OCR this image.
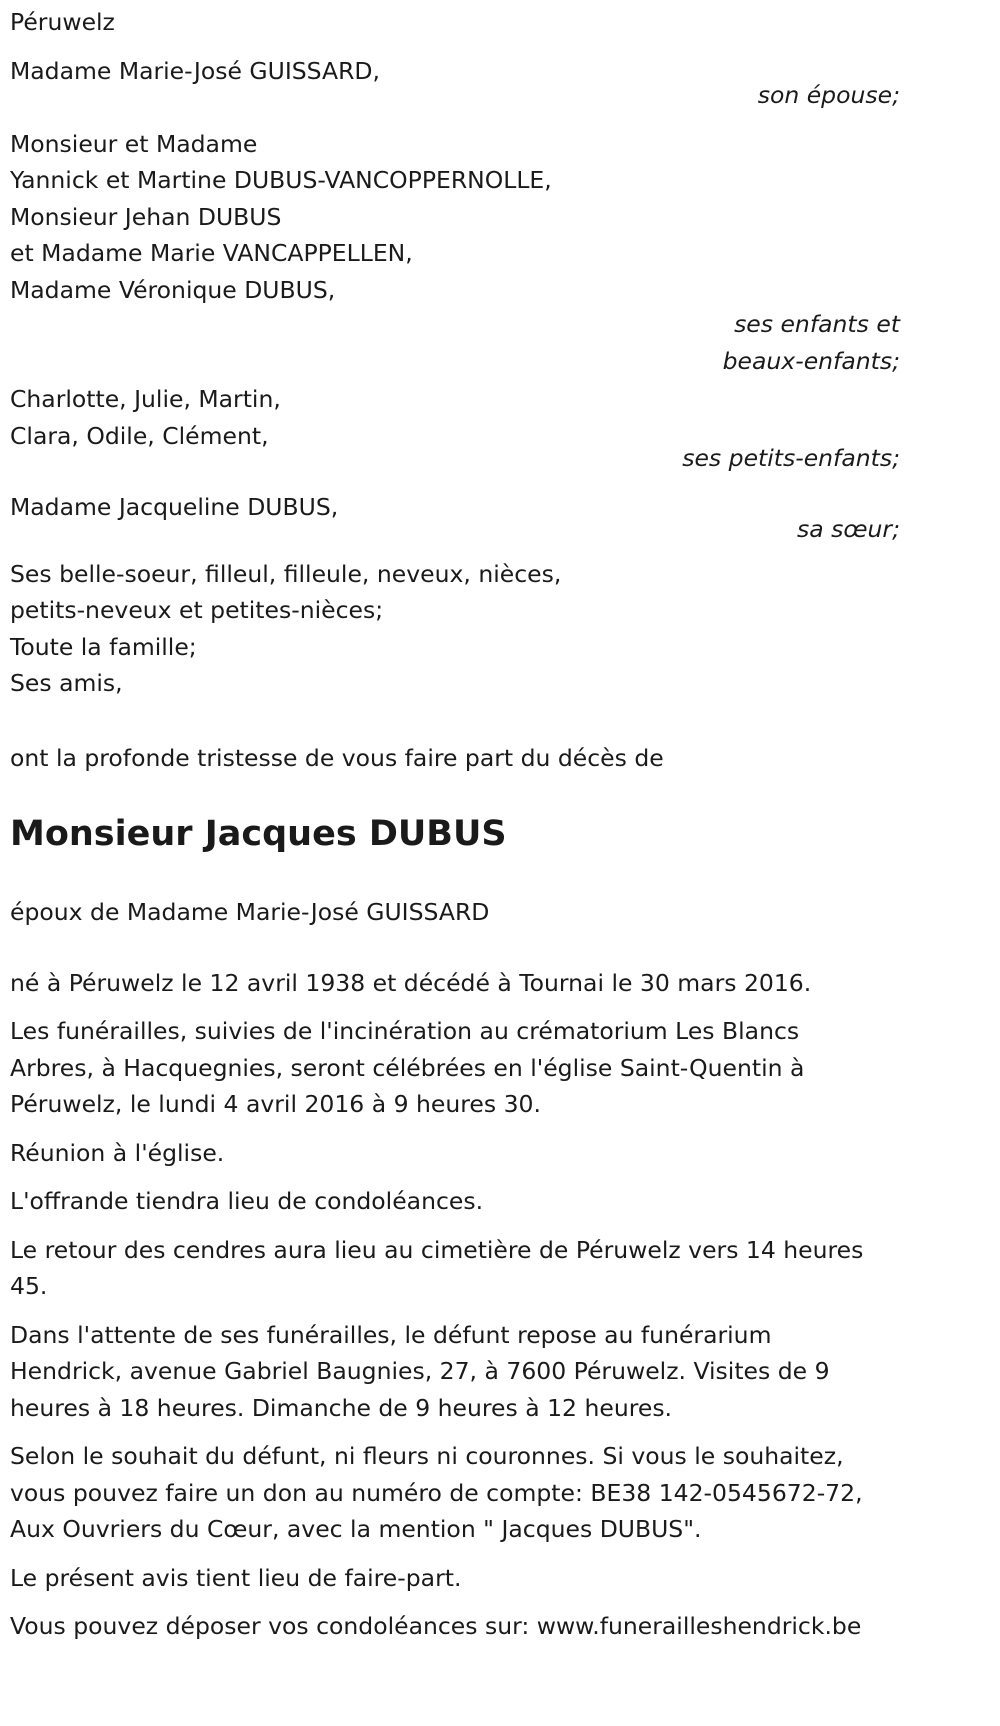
Péruwelz
Madame Marie-José GUISSARD,
son épouse;
Monsieur et Madame
Yannick et Martine DUBUS-VANCOPPERNOLLE,
Monsieur Jehan DUBUS
et Madame Marie VANCAPPELLEN,
Madame Véronique DUBUS,
ses enfants et
beaux-enfants;
Charlotte, Julie, Martin,
Clara, Odile, Clément,
ses petits-enfants;
Madame Jacqueline DUBUS,
sa sœur;
Ses belle-soeur, filleul, filleule, neveux, nièces,
petits-neveux et petites-nièces;
Toute la famille;
Ses amis,
ont la profonde tristesse de vous faire part du décès de
Monsieur Jacques DUBUS
époux de Madame Marie-José GUISSARD
né à Péruwelz le 12 avril 1938 et décédé à Tournai le 30 mars 2016.
Les funérailles, suivies de l'incinération au crématorium Les Blancs
Arbres, à Hacquegnies, seront célébrées en l'église Saint-Quentin à
Péruwelz, le lundi 4 avril 2016 à 9 heures 30.
Réunion à l'église.
L'offrande tiendra lieu de condoléances.
Le retour des cendres aura lieu au cimetière de Péruwelz vers 14 heures
45.
Dans l'attente de ses funérailles, le défunt repose au funérarium
Hendrick, avenue Gabriel Baugnies, 27, à 7600 Péruwelz. Visites de 9
heures à 18 heures. Dimanche de 9 heures à 12 heures.
Selon le souhait du défunt, ni fleurs ni couronnes. Si vous le souhaitez,
vous pouvez faire un don au numéro de compte: BE38 142-0545672-72,
Aux Ouvriers du Cœur, avec la mention " Jacques DUBUS".
Le présent avis tient lieu de faire-part.
Vous pouvez déposer vos condoléances sur: www.funerailleshendrick.be
